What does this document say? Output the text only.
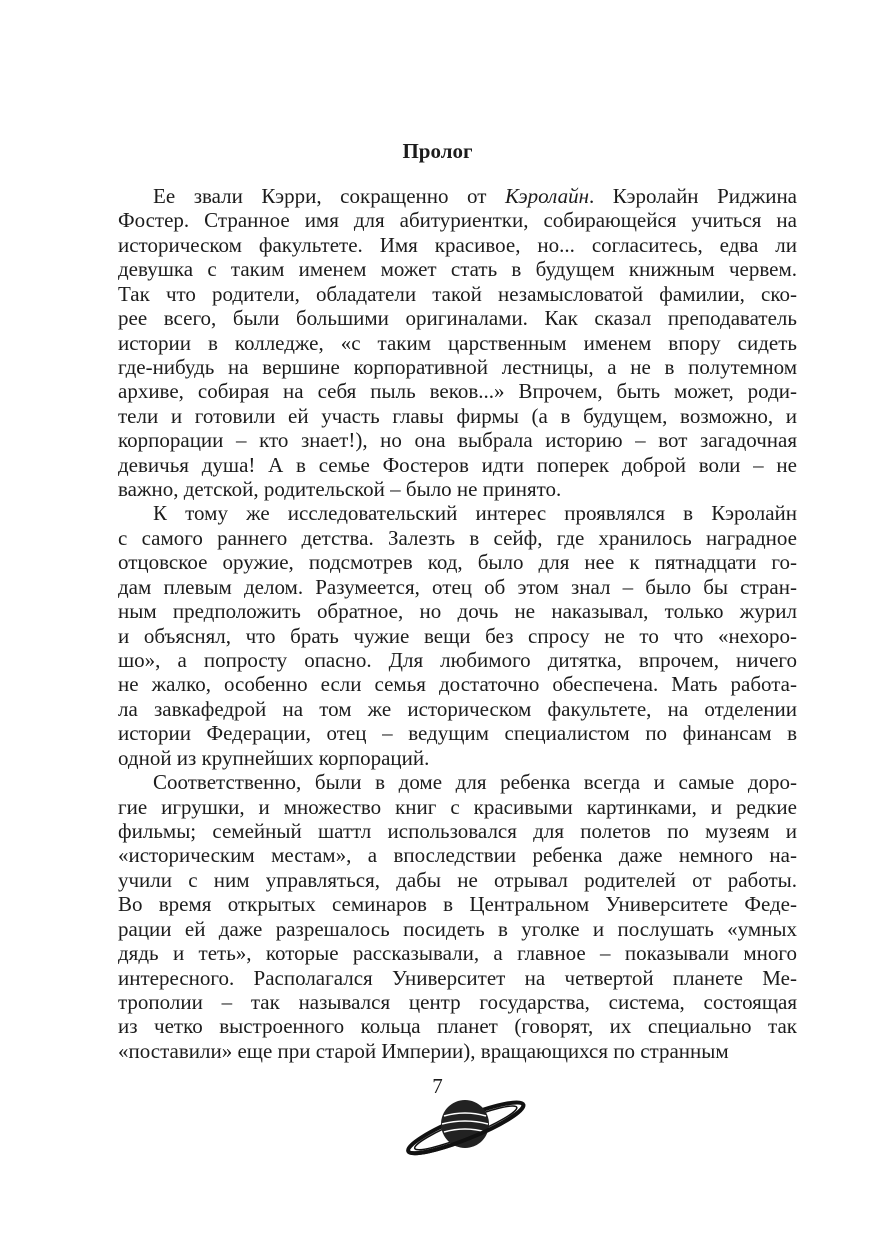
Пролог
Ее звали Кэрри, сокращенно от Кэролайн. Кэролайн Риджина
Фостер. Странное имя для абитуриентки, собирающейся учиться на
историческом факультете. Имя красивое, но... согласитесь, едва ли
девушка с таким именем может стать в будущем книжным червем.
Так что родители, обладатели такой незамысловатой фамилии, ско-
рее всего, были большими оригиналами. Как сказал преподаватель
истории в колледже, «с таким царственным именем впору сидеть
где-нибудь на вершине корпоративной лестницы, а не в полутемном
архиве, собирая на себя пыль веков...» Впрочем, быть может, роди-
тели и готовили ей участь главы фирмы (а в будущем, возможно, и
корпорации – кто знает!), но она выбрала историю – вот загадочная
девичья душа! А в семье Фостеров идти поперек доброй воли – не
важно, детской, родительской – было не принято.
К тому же исследовательский интерес проявлялся в Кэролайн
с самого раннего детства. Залезть в сейф, где хранилось наградное
отцовское оружие, подсмотрев код, было для нее к пятнадцати го-
дам плевым делом. Разумеется, отец об этом знал – было бы стран-
ным предположить обратное, но дочь не наказывал, только журил
и объяснял, что брать чужие вещи без спросу не то что «нехоро-
шо», а попросту опасно. Для любимого дитятка, впрочем, ничего
не жалко, особенно если семья достаточно обеспечена. Мать работа-
ла завкафедрой на том же историческом факультете, на отделении
истории Федерации, отец – ведущим специалистом по финансам в
одной из крупнейших корпораций.
Соответственно, были в доме для ребенка всегда и самые доро-
гие игрушки, и множество книг с красивыми картинками, и редкие
фильмы; семейный шаттл использовался для полетов по музеям и
«историческим местам», а впоследствии ребенка даже немного на-
учили с ним управляться, дабы не отрывал родителей от работы.
Во время открытых семинаров в Центральном Университете Феде-
рации ей даже разрешалось посидеть в уголке и послушать «умных
дядь и теть», которые рассказывали, а главное – показывали много
интересного. Располагался Университет на четвертой планете Ме-
трополии – так назывался центр государства, система, состоящая
из четко выстроенного кольца планет (говорят, их специально так
«поставили» еще при старой Империи), вращающихся по странным
7
